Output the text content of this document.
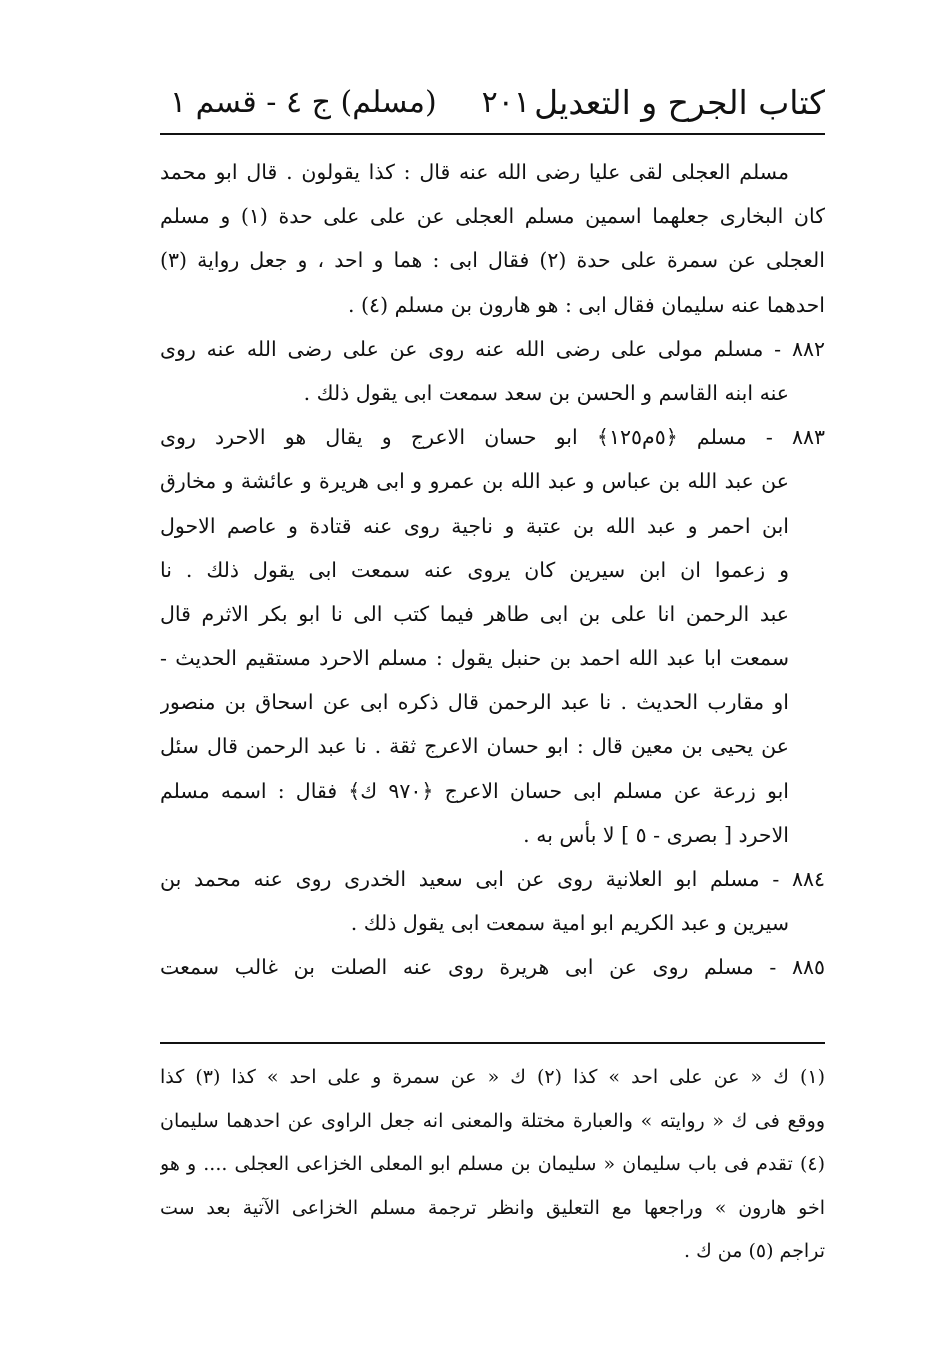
كتاب الجرح و التعديل
٢٠١
(مسلم) ج ٤ - قسم ١
مسلم العجلى لقى عليا رضى الله عنه قال : كذا يقولون . قال ابو محمد
كان البخارى جعلهما اسمين مسلم العجلى عن على على حدة (١) و مسلم
العجلى عن سمرة على حدة (٢) فقال ابى : هما و احد ، و جعل رواية (٣)
احدهما عنه سليمان فقال ابى : هو هارون بن مسلم (٤) .
٨٨٢ - مسلم مولى على رضى الله عنه روى عن على رضى الله عنه روى
عنه ابنه القاسم و الحسن بن سعد سمعت ابى يقول ذلك .
٨٨٣ - مسلم ﴿٥م١٢٥﴾ ابو حسان الاعرج و يقال هو الاحرد روى
عن عبد الله بن عباس و عبد الله بن عمرو و ابى هريرة و عائشة و مخارق
ابن احمر و عبد الله بن عتبة و ناجية روى عنه قتادة و عاصم الاحول
و زعموا ان ابن سيرين كان يروى عنه سمعت ابى يقول ذلك . نا
عبد الرحمن انا على بن ابى طاهر فيما كتب الى نا ابو بكر الاثرم قال
سمعت ابا عبد الله احمد بن حنبل يقول : مسلم الاحرد مستقيم الحديث -
او مقارب الحديث . نا عبد الرحمن قال ذكره ابى عن اسحاق بن منصور
عن يحيى بن معين قال : ابو حسان الاعرج ثقة . نا عبد الرحمن قال سئل
ابو زرعة عن مسلم ابى حسان الاعرج ﴿٩٧٠ ك﴾ فقال : اسمه مسلم
الاحرد [ بصرى - ٥ ] لا بأس به .
٨٨٤ - مسلم ابو العلانية روى عن ابى سعيد الخدرى روى عنه محمد بن
سيرين و عبد الكريم ابو امية سمعت ابى يقول ذلك .
٨٨٥ - مسلم روى عن ابى هريرة روى عنه الصلت بن غالب سمعت
(١) ك « عن على احد » كذا (٢) ك « عن سمرة و على احد » كذا (٣) كذا
ووقع فى ك « روايته » والعبارة مختلة والمعنى انه جعل الراوى عن احدهما سليمان
(٤) تقدم فى باب سليمان « سليمان بن مسلم ابو المعلى الخزاعى العجلى .... و هو
اخو هارون » وراجعها مع التعليق وانظر ترجمة مسلم الخزاعى الآتية بعد ست
تراجم (٥) من ك .
